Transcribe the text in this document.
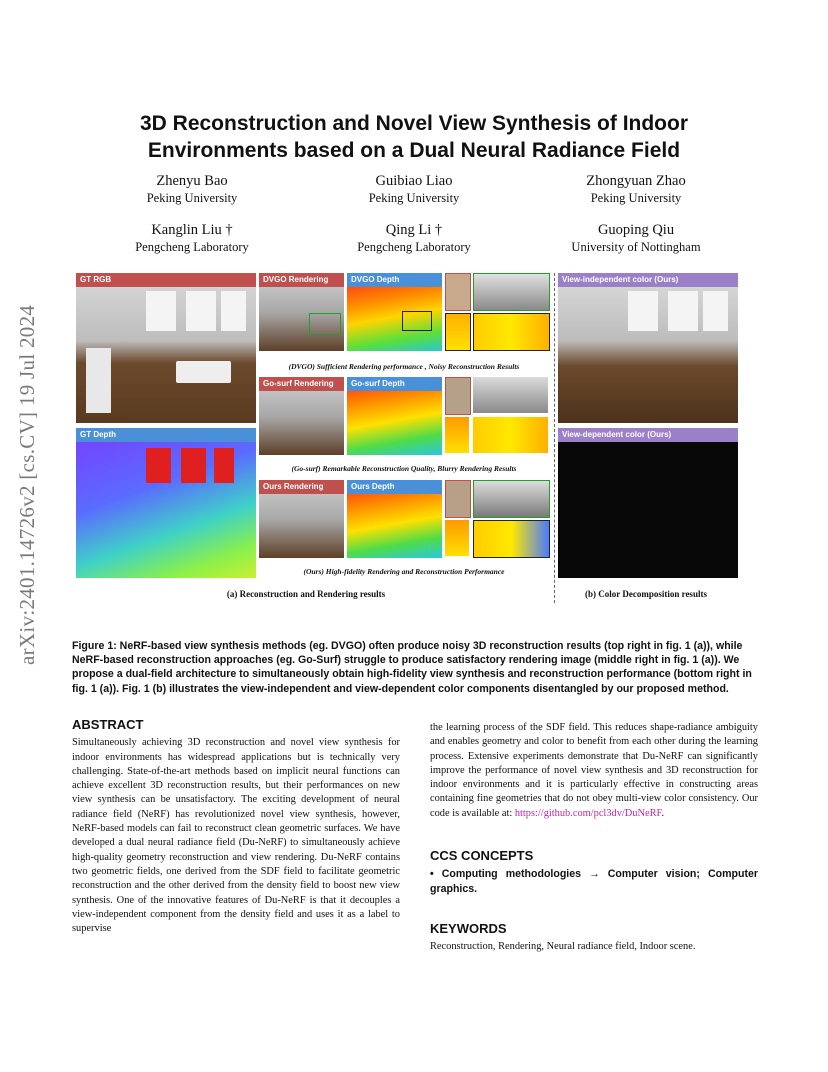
arXiv:2401.14726v2 [cs.CV] 19 Jul 2024
3D Reconstruction and Novel View Synthesis of Indoor
Environments based on a Dual Neural Radiance Field
Zhenyu Bao
Peking University
Guibiao Liao
Peking University
Zhongyuan Zhao
Peking University
Kanglin Liu †
Pengcheng Laboratory
Qing Li †
Pengcheng Laboratory
Guoping Qiu
University of Nottingham
GT RGB
GT Depth
DVGO Rendering	DVGO Depth
(DVGO) Sufficient Rendering performance , Noisy Reconstruction Results
Go-surf Rendering	Go-surf Depth
(Go-surf) Remarkable Reconstruction Quality, Blurry Rendering Results
Ours Rendering	Ours Depth
(Ours) High-fidelity Rendering and Reconstruction Performance
View-independent color (Ours)
View-dependent color (Ours)
(a) Reconstruction and Rendering results	(b) Color Decomposition results
Figure 1: NeRF-based view synthesis methods (eg. DVGO) often produce noisy 3D reconstruction results (top right in fig. 1 (a)), while NeRF-based reconstruction approaches (eg. Go-Surf) struggle to produce satisfactory rendering image (middle right in fig. 1 (a)). We propose a dual-field architecture to simultaneously obtain high-fidelity view synthesis and reconstruction performance (bottom right in fig. 1 (a)). Fig. 1 (b) illustrates the view-independent and view-dependent color components disentangled by our proposed method.
ABSTRACT
Simultaneously achieving 3D reconstruction and novel view synthesis for indoor environments has widespread applications but is technically very challenging. State-of-the-art methods based on implicit neural functions can achieve excellent 3D reconstruction results, but their performances on new view synthesis can be unsatisfactory. The exciting development of neural radiance field (NeRF) has revolutionized novel view synthesis, however, NeRF-based models can fail to reconstruct clean geometric surfaces. We have developed a dual neural radiance field (Du-NeRF) to simultaneously achieve high-quality geometry reconstruction and view rendering. Du-NeRF contains two geometric fields, one derived from the SDF field to facilitate geometric reconstruction and the other derived from the density field to boost new view synthesis. One of the innovative features of Du-NeRF is that it decouples a view-independent component from the density field and uses it as a label to supervise
the learning process of the SDF field. This reduces shape-radiance ambiguity and enables geometry and color to benefit from each other during the learning process. Extensive experiments demonstrate that Du-NeRF can significantly improve the performance of novel view synthesis and 3D reconstruction for indoor environments and it is particularly effective in constructing areas containing fine geometries that do not obey multi-view color consistency. Our code is available at: https://github.com/pcl3dv/DuNeRF.
CCS CONCEPTS
• Computing methodologies → Computer vision; Computer graphics.
KEYWORDS
Reconstruction, Rendering, Neural radiance field, Indoor scene.
